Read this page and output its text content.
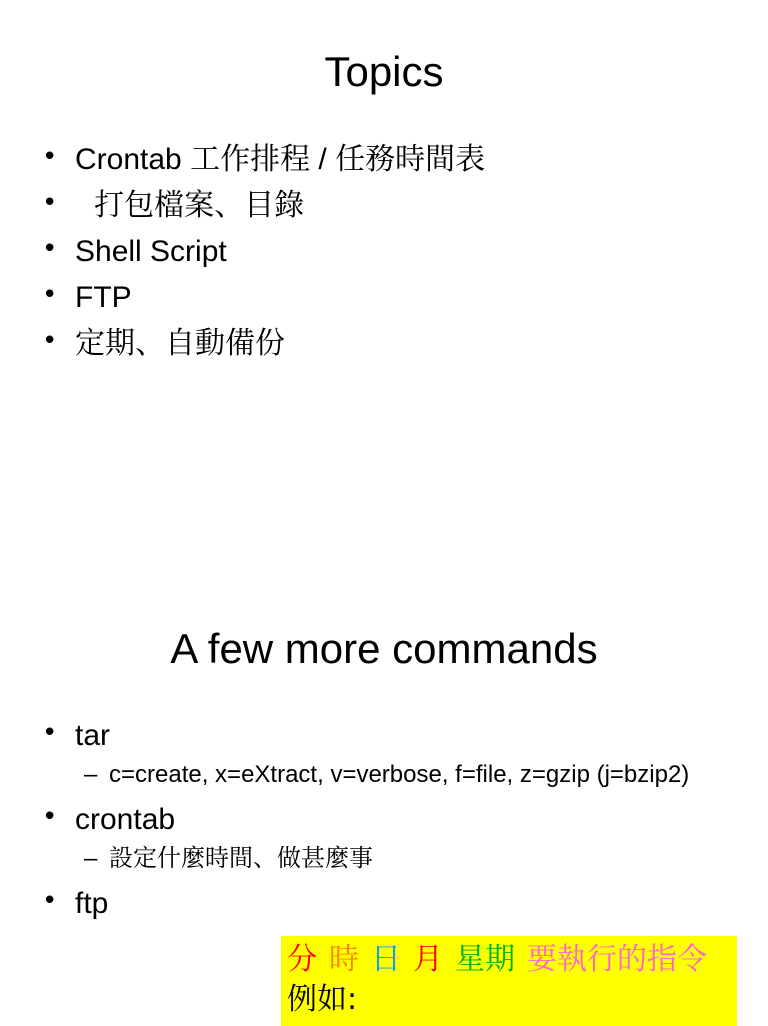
Topics
• Crontab 工作排程 / 任務時間表
• 打包檔案、目錄
• Shell Script
• FTP
• 定期、自動備份
A few more commands
• tar
– c=create, x=eXtract, v=verbose, f=file, z=gzip (j=bzip2)
• crontab
– 設定什麼時間、做甚麼事
• ftp
分 時 日 月 星期 要執行的指令
例如:
